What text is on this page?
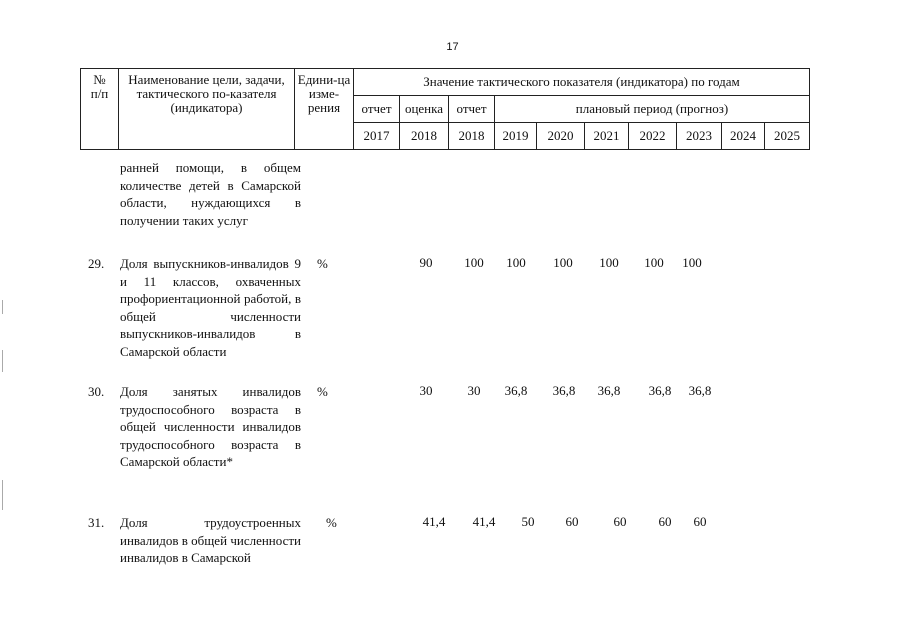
17
№
п/п	Наименование цели, задачи, тактического по-казателя (индикатора)	Едини-ца изме-рения	Значение тактического показателя (индикатора) по годам									
			отчет	оценка	отчет	плановый период (прогноз)						
			2017	2018	2018	2019	2020	2021	2022	2023	2024	2025
ранней помощи, в общем количестве детей в Самарской области, нуждающихся в получении таких услуг
29. Доля выпускников-инвалидов 9 и 11 классов, охваченных профориентационной работой, в общей численности выпускников-инвалидов в Самарской области
%	90	100	100	100	100	100	100
30. Доля занятых инвалидов трудоспособного возраста в общей численности инвалидов трудоспособного возраста в Самарской области*
%	30	30	36,8	36,8	36,8	36,8	36,8
31. Доля трудоустроенных инвалидов в общей численности инвалидов в Самарской
%	41,4	41,4	50	60	60	60	60
